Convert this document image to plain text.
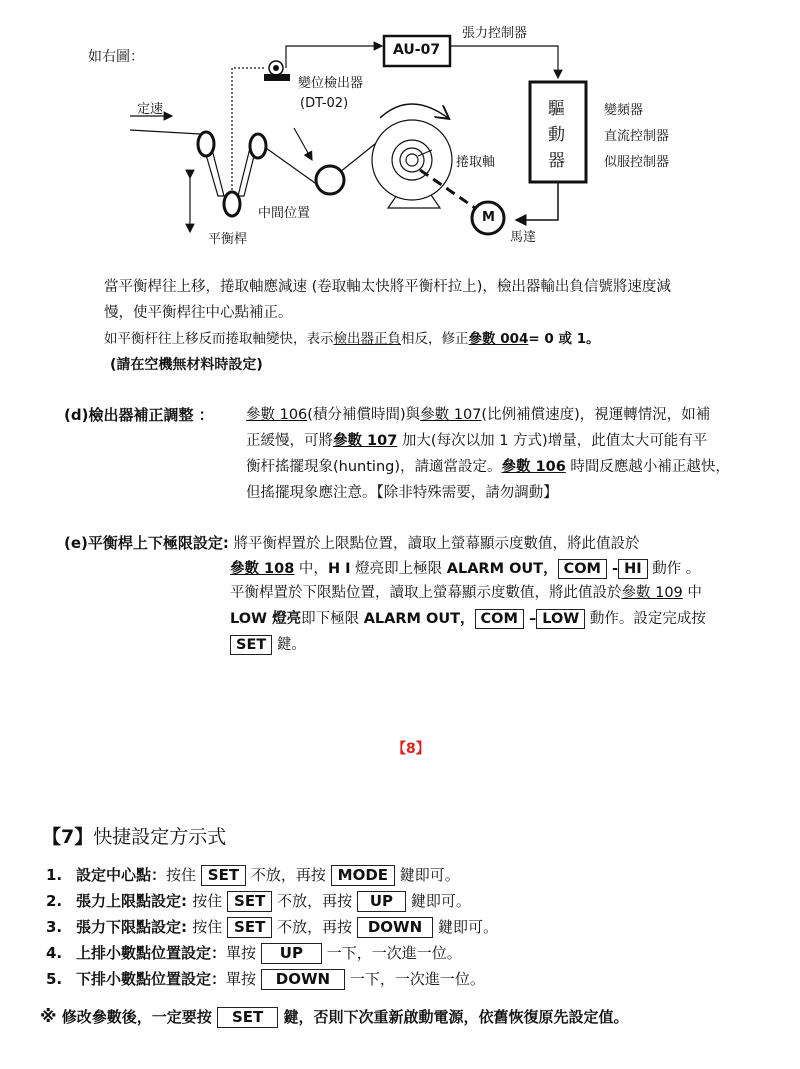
如右圖：
張力控制器
AU-07
變位檢出器
(DT-02)
定速	驅
動
器
變頻器
直流控制器
似服控制器
捲取軸
中間位置
平衡桿
M
馬達
當平衡桿往上移，捲取軸應減速 (卷取軸太快將平衡杆拉上)，檢出器輸出負信號將速度減
慢，使平衡桿往中心點補正。
如平衡杆往上移反而捲取軸變快，表示檢出器正負相反，修正參數 004= 0 或 1。
(請在空機無材料時設定)
(d)檢出器補正調整 ： 參數 106(積分補償時間)與參數 107(比例補償速度)，視運轉情況，如補
正緩慢，可將參數 107 加大(每次以加 1 方式)增量，此值太大可能有平
衡杆搖擺現象(hunting)，請適當設定。參數 106 時間反應越小補正越快，
但搖擺現象應注意。【除非特殊需要，請勿調動】
(e)平衡桿上下極限設定: 將平衡桿置於上限點位置，讀取上螢幕顯示度數值，將此值設於
參數 108 中，H I 燈亮即上極限 ALARM OUT， COM - HI 動作 。
平衡桿置於下限點位置，讀取上螢幕顯示度數值，將此值設於參數 109 中
LOW 燈亮即下極限 ALARM OUT， COM – LOW 動作。設定完成按
SET 鍵。
【8】
【7】快捷設定方示式
1. 設定中心點：按住 SET 不放，再按 MODE 鍵即可。
2. 張力上限點設定: 按住 SET 不放，再按 UP 鍵即可。
3. 張力下限點設定: 按住 SET 不放，再按 DOWN 鍵即可。
4. 上排小數點位置設定：單按 UP 一下，一次進一位。
5. 下排小數點位置設定：單按 DOWN 一下，一次進一位。
※ 修改參數後，一定要按 SET 鍵，否則下次重新啟動電源，依舊恢復原先設定值。
